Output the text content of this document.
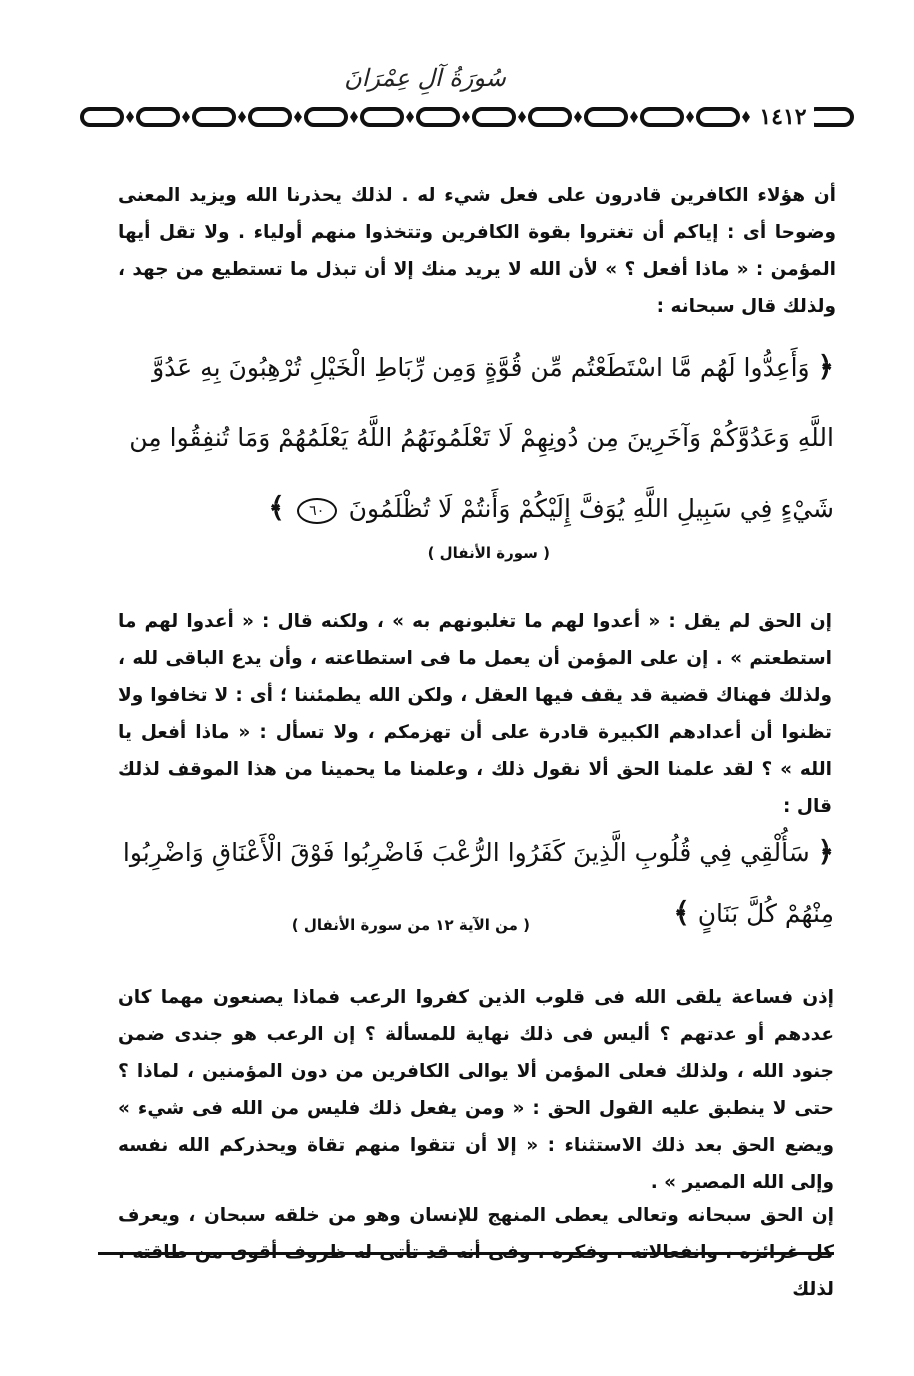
سُورَةُ آلِ عِمْرَانَ
١٤١٢

أن هؤلاء الكافرين قادرون على فعل شيء له . لذلك يحذرنا الله ويزيد المعنى وضوحا أى : إياكم أن تغتروا بقوة الكافرين وتتخذوا منهم أولياء . ولا تقل أيها المؤمن : « ماذا أفعل ؟ » لأن الله لا يريد منك إلا أن تبذل ما تستطيع من جهد ، ولذلك قال سبحانه :

﴿ وَأَعِدُّوا لَهُم مَّا اسْتَطَعْتُم مِّن قُوَّةٍ وَمِن رِّبَاطِ الْخَيْلِ تُرْهِبُونَ بِهِ عَدُوَّ اللَّهِ وَعَدُوَّكُمْ وَآخَرِينَ مِن دُونِهِمْ لَا تَعْلَمُونَهُمُ اللَّهُ يَعْلَمُهُمْ وَمَا تُنفِقُوا مِن شَيْءٍ فِي سَبِيلِ اللَّهِ يُوَفَّ إِلَيْكُمْ وَأَنتُمْ لَا تُظْلَمُونَ ٦٠ ﴾
( سورة الأنفال )

إن الحق لم يقل : « أعدوا لهم ما تغلبونهم به » ، ولكنه قال : « أعدوا لهم ما استطعتم » . إن على المؤمن أن يعمل ما فى استطاعته ، وأن يدع الباقى لله ، ولذلك فهناك قضية قد يقف فيها العقل ، ولكن الله يطمئننا ؛ أى : لا تخافوا ولا تظنوا أن أعدادهم الكبيرة قادرة على أن تهزمكم ، ولا تسأل : « ماذا أفعل يا الله » ؟ لقد علمنا الحق ألا نقول ذلك ، وعلمنا ما يحمينا من هذا الموقف لذلك قال :

﴿ سَأُلْقِي فِي قُلُوبِ الَّذِينَ كَفَرُوا الرُّعْبَ فَاضْرِبُوا فَوْقَ الْأَعْنَاقِ وَاضْرِبُوا مِنْهُمْ كُلَّ بَنَانٍ ﴾
( من الآية ١٢ من سورة الأنفال )

إذن فساعة يلقى الله فى قلوب الذين كفروا الرعب فماذا يصنعون مهما كان عددهم أو عدتهم ؟ أليس فى ذلك نهاية للمسألة ؟ إن الرعب هو جندى ضمن جنود الله ، ولذلك فعلى المؤمن ألا يوالى الكافرين من دون المؤمنين ، لماذا ؟ حتى لا ينطبق عليه القول الحق : « ومن يفعل ذلك فليس من الله فى شيء » ويضع الحق بعد ذلك الاستثناء : « إلا أن تتقوا منهم تقاة ويحذركم الله نفسه وإلى الله المصير » .

إن الحق سبحانه وتعالى يعطى المنهج للإنسان وهو من خلقه سبحان ، ويعرف كل غرائزه ، وانفعالاته ، وفكره ، وفى أنه قد تأتى له ظروف أقوى من طاقته ، لذلك
